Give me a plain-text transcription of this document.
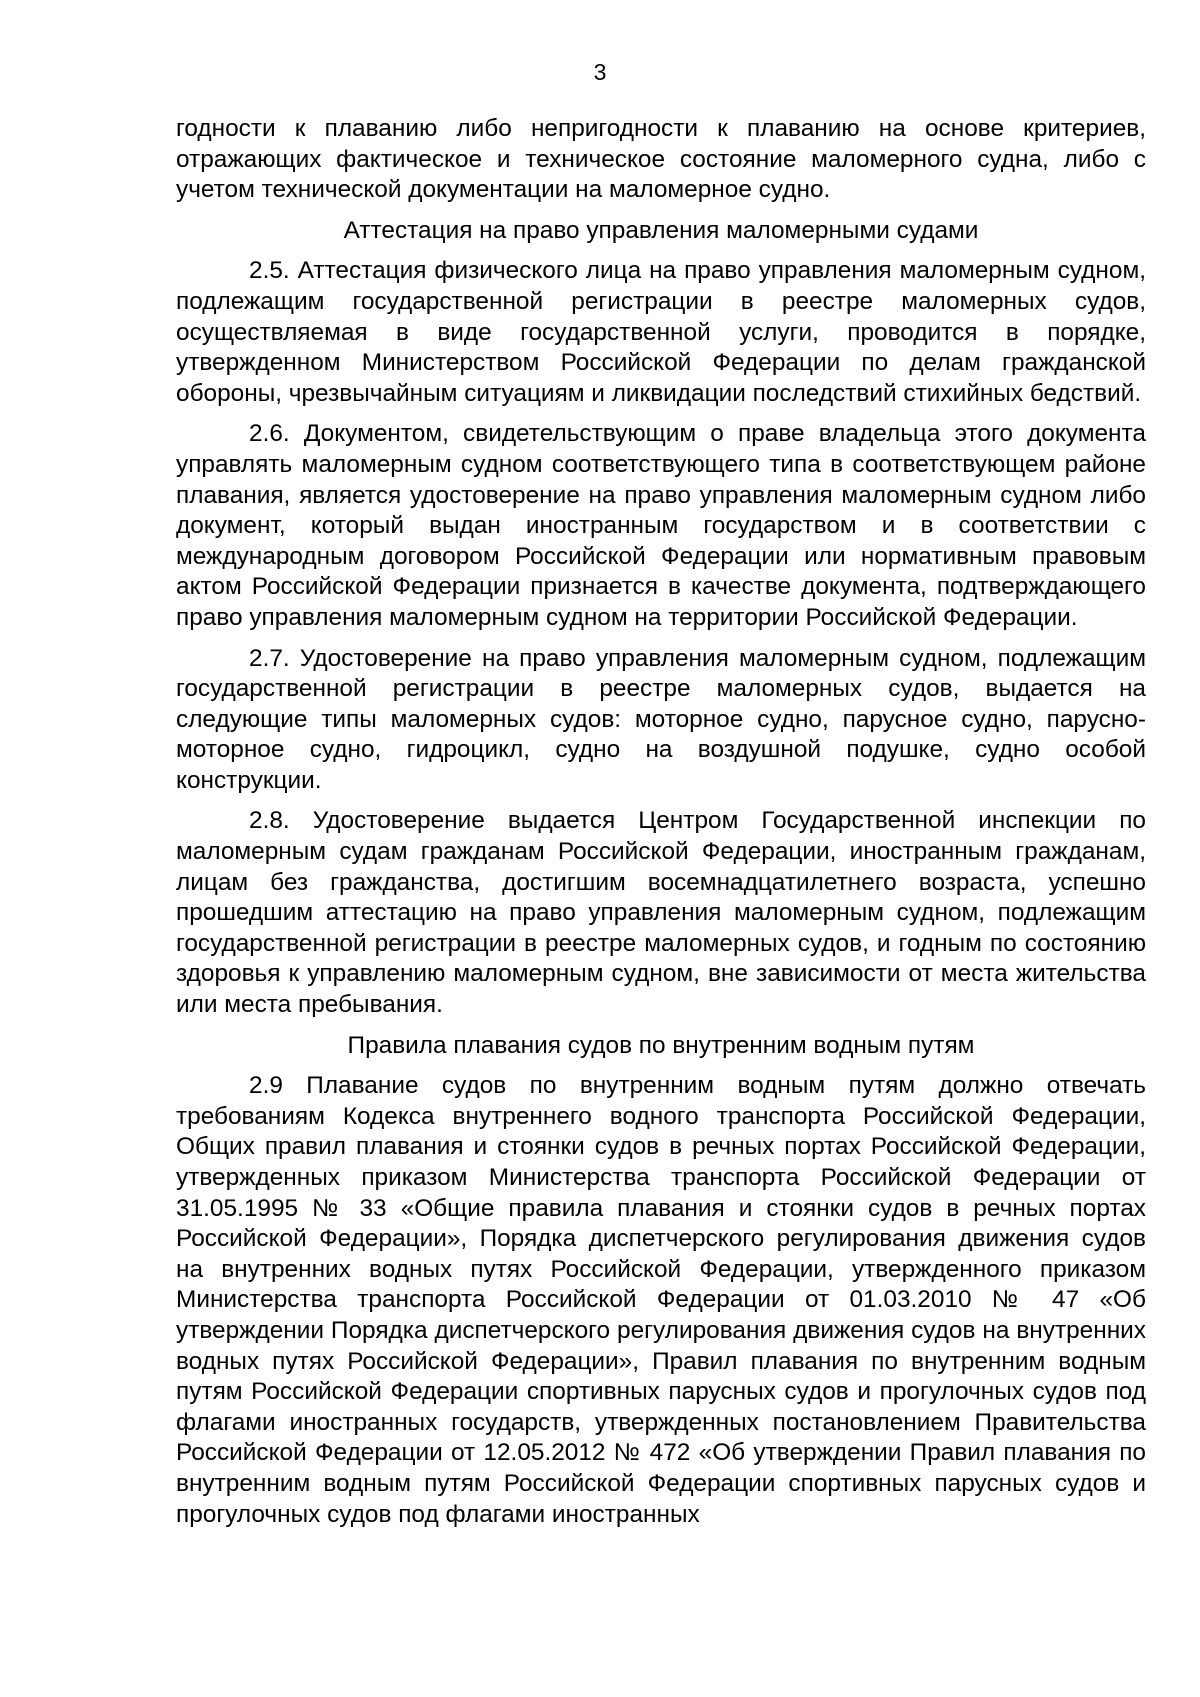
3

годности к плаванию либо непригодности к плаванию на основе критериев, отражающих фактическое и техническое состояние маломерного судна, либо с учетом технической документации на маломерное судно.

Аттестация на право управления маломерными судами

2.5. Аттестация физического лица на право управления маломерным судном, подлежащим государственной регистрации в реестре маломерных судов, осуществляемая в виде государственной услуги, проводится в порядке, утвержденном Министерством Российской Федерации по делам гражданской обороны, чрезвычайным ситуациям и ликвидации последствий стихийных бедствий.

2.6. Документом, свидетельствующим о праве владельца этого документа управлять маломерным судном соответствующего типа в соответствующем районе плавания, является удостоверение на право управления маломерным судном либо документ, который выдан иностранным государством и в соответствии с международным договором Российской Федерации или нормативным правовым актом Российской Федерации признается в качестве документа, подтверждающего право управления маломерным судном на территории Российской Федерации.

2.7. Удостоверение на право управления маломерным судном, подлежащим государственной регистрации в реестре маломерных судов, выдается на следующие типы маломерных судов: моторное судно, парусное судно, парусно-моторное судно, гидроцикл, судно на воздушной подушке, судно особой конструкции.

2.8. Удостоверение выдается Центром Государственной инспекции по маломерным судам гражданам Российской Федерации, иностранным гражданам, лицам без гражданства, достигшим восемнадцатилетнего возраста, успешно прошедшим аттестацию на право управления маломерным судном, подлежащим государственной регистрации в реестре маломерных судов, и годным по состоянию здоровья к управлению маломерным судном, вне зависимости от места жительства или места пребывания.

Правила плавания судов по внутренним водным путям

2.9 Плавание судов по внутренним водным путям должно отвечать требованиям Кодекса внутреннего водного транспорта Российской Федерации, Общих правил плавания и стоянки судов в речных портах Российской Федерации, утвержденных приказом Министерства транспорта Российской Федерации от 31.05.1995 № 33 «Общие правила плавания и стоянки судов в речных портах Российской Федерации», Порядка диспетчерского регулирования движения судов на внутренних водных путях Российской Федерации, утвержденного приказом Министерства транспорта Российской Федерации от 01.03.2010 № 47 «Об утверждении Порядка диспетчерского регулирования движения судов на внутренних водных путях Российской Федерации», Правил плавания по внутренним водным путям Российской Федерации спортивных парусных судов и прогулочных судов под флагами иностранных государств, утвержденных постановлением Правительства Российской Федерации от 12.05.2012 № 472 «Об утверждении Правил плавания по внутренним водным путям Российской Федерации спортивных парусных судов и прогулочных судов под флагами иностранных
